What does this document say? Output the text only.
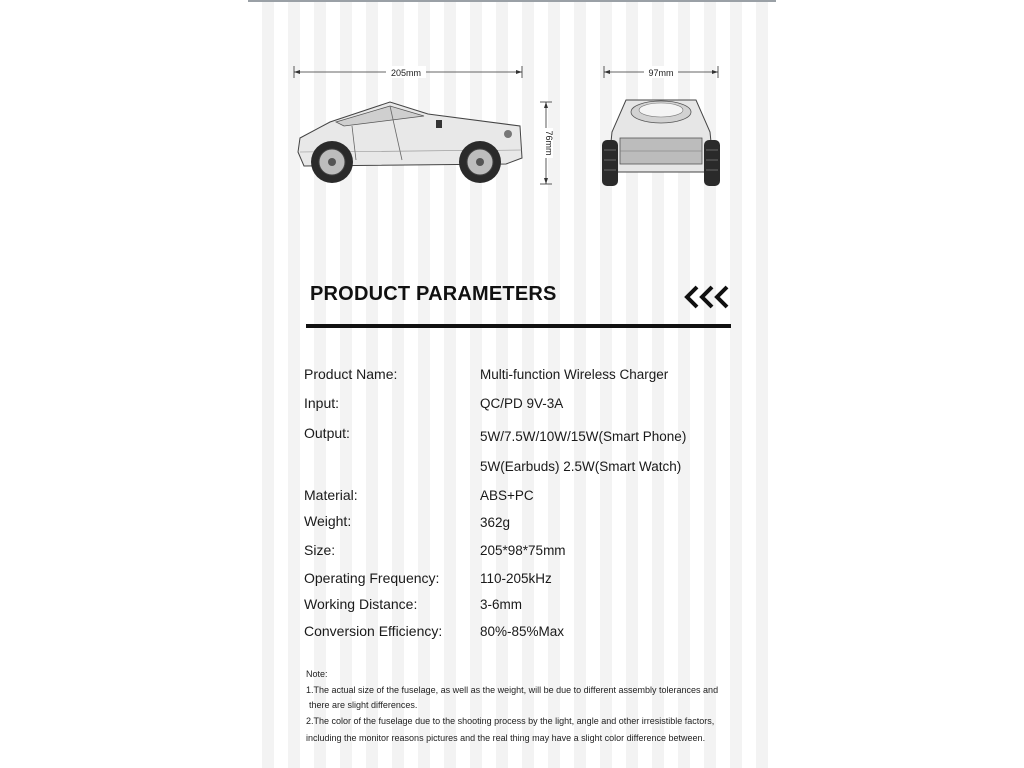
205mm
76mm
97mm
PRODUCT PARAMETERS
Product Name:	Multi-function Wireless Charger
Input:	QC/PD 9V-3A
Output:	5W/7.5W/10W/15W(Smart Phone)
5W(Earbuds) 2.5W(Smart Watch)
Material:	ABS+PC
Weight:	362g
Size:	205*98*75mm
Operating Frequency:	110-205kHz
Working Distance:	3-6mm
Conversion Efficiency:	80%-85%Max
Note:
1.The actual size of the fuselage, as well as the weight, will be due to different assembly tolerances and
there are slight differences.
2.The color of the fuselage due to the shooting process by the light, angle and other irresistible factors,
including the monitor reasons pictures and the real thing may have a slight color difference between.
